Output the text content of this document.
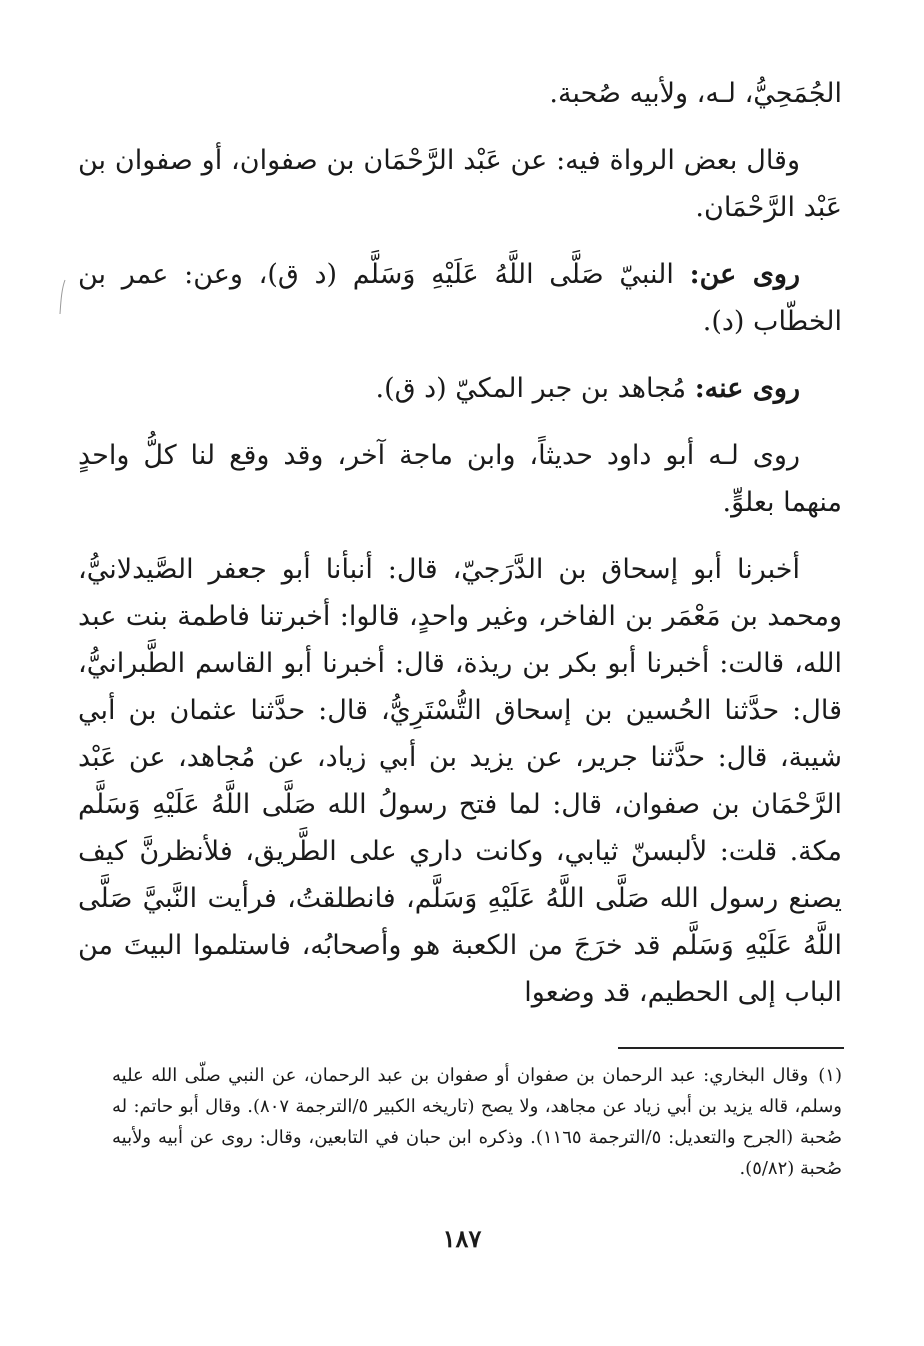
الجُمَحِيُّ، لـه، ولأبيه صُحبة.

وقال بعض الرواة فيه: عن عَبْد الرَّحْمَان بن صفوان، أو صفوان بن عَبْد الرَّحْمَان.

روى عن: النبيّ صَلَّى اللَّهُ عَلَيْهِ وَسَلَّم (د ق)، وعن: عمر بن الخطّاب (د).

روى عنه: مُجاهد بن جبر المكيّ (د ق).

روى لـه أبو داود حديثاً، وابن ماجة آخر، وقد وقع لنا كلُّ واحدٍ منهما بعلوٍّ.

أخبرنا أبو إسحاق بن الدَّرَجيّ، قال: أنبأنا أبو جعفر الصَّيدلانيُّ، ومحمد بن مَعْمَر بن الفاخر، وغير واحدٍ، قالوا: أخبرتنا فاطمة بنت عبد الله، قالت: أخبرنا أبو بكر بن ريذة، قال: أخبرنا أبو القاسم الطَّبرانيُّ، قال: حدَّثنا الحُسين بن إسحاق التُّسْتَرِيُّ، قال: حدَّثنا عثمان بن أبي شيبة، قال: حدَّثنا جرير، عن يزيد بن أبي زياد، عن مُجاهد، عن عَبْد الرَّحْمَان بن صفوان، قال: لما فتح رسولُ الله صَلَّى اللَّهُ عَلَيْهِ وَسَلَّم مكة. قلت: لألبسنّ ثيابي، وكانت داري على الطَّريق، فلأنظرنَّ كيف يصنع رسول الله صَلَّى اللَّهُ عَلَيْهِ وَسَلَّم، فانطلقتُ، فرأيت النَّبيَّ صَلَّى اللَّهُ عَلَيْهِ وَسَلَّم قد خرَجَ من الكعبة هو وأصحابُه، فاستلموا البيتَ من الباب إلى الحطيم، قد وضعوا

(١)وقال البخاري: عبد الرحمان بن صفوان أو صفوان بن عبد الرحمان، عن النبي صلّى الله عليه وسلم، قاله يزيد بن أبي زياد عن مجاهد، ولا يصح (تاريخه الكبير ٥/الترجمة ٨٠٧). وقال أبو حاتم: له صُحبة (الجرح والتعديل: ٥/الترجمة ١١٦٥). وذكره ابن حبان في التابعين، وقال: روى عن أبيه ولأبيه صُحبة (٥/٨٢).
١٨٧
